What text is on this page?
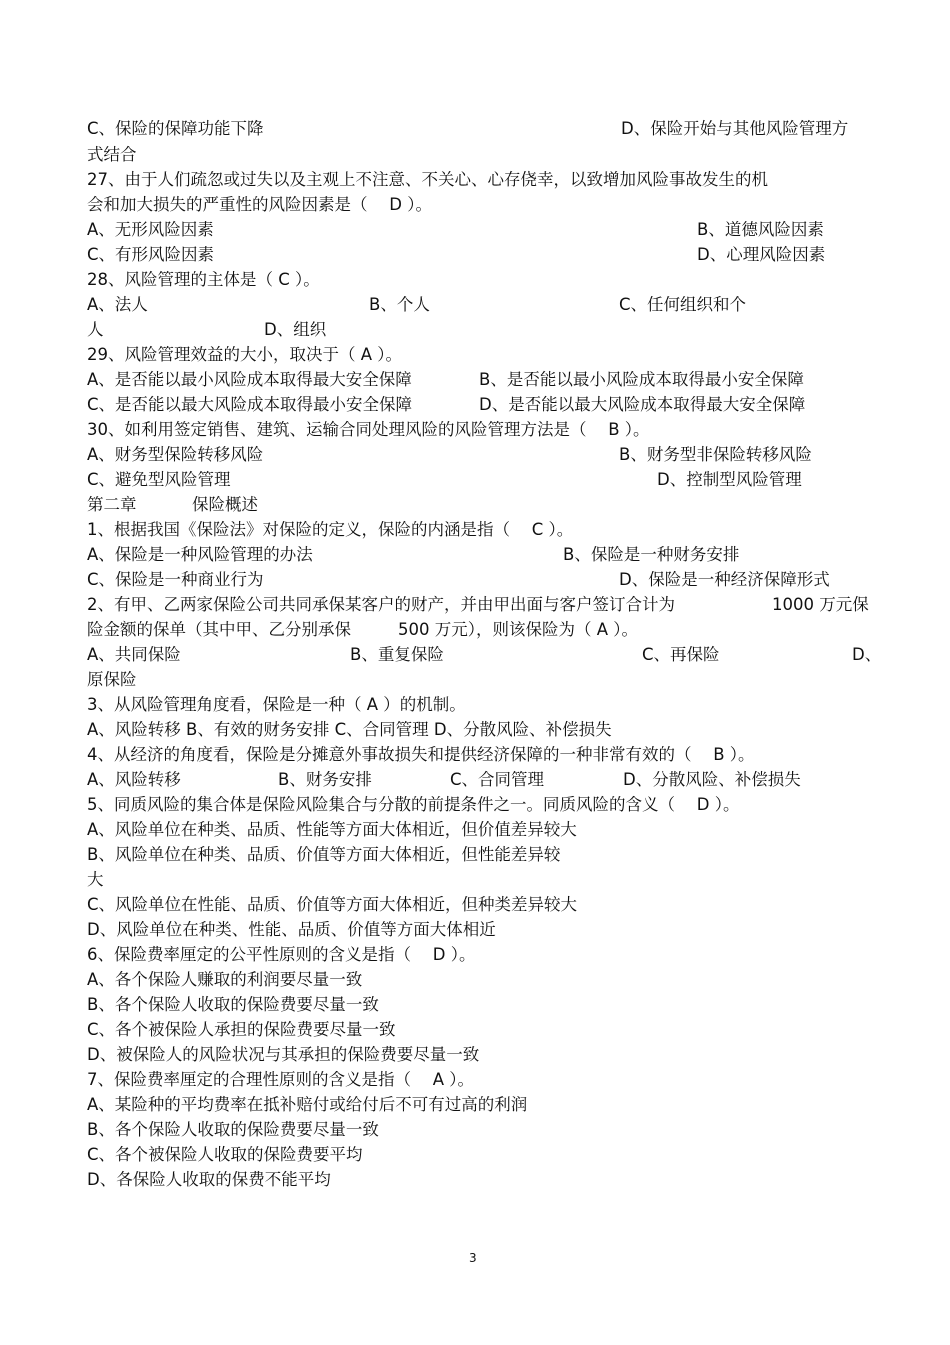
C、保险的保障功能下降	D、保险开始与其他风险管理方
式结合
27、由于人们疏忽或过失以及主观上不注意、不关心、心存侥幸，以致增加风险事故发生的机
会和加大损失的严重性的风险因素是（　 D ）。
A、无形风险因素	B、道德风险因素
C、有形风险因素	D、心理风险因素
28、风险管理的主体是（ C ）。
A、法人	B、个人	C、任何组织和个
人	D、组织
29、风险管理效益的大小，取决于（ A ）。
A、是否能以最小风险成本取得最大安全保障	B、是否能以最小风险成本取得最小安全保障
C、是否能以最大风险成本取得最小安全保障	D、是否能以最大风险成本取得最大安全保障
30、如利用签定销售、建筑、运输合同处理风险的风险管理方法是（　 B ）。
A、财务型保险转移风险	B、财务型非保险转移风险
C、避免型风险管理	D、控制型风险管理
第二章	保险概述
1、根据我国《保险法》对保险的定义，保险的内涵是指（　 C ）。
A、保险是一种风险管理的办法	B、保险是一种财务安排
C、保险是一种商业行为	D、保险是一种经济保障形式
2、有甲、乙两家保险公司共同承保某客户的财产，并由甲出面与客户签订合计为	1000 万元保
险金额的保单（其中甲、乙分别承保	500 万元），则该保险为（ A ）。
A、共同保险	B、重复保险	C、再保险	D、
原保险
3、从风险管理角度看，保险是一种（ A ）的机制。
A、风险转移 B、有效的财务安排 C、合同管理 D、分散风险、补偿损失
4、从经济的角度看，保险是分摊意外事故损失和提供经济保障的一种非常有效的（　 B ）。
A、风险转移	B、财务安排	C、合同管理	D、分散风险、补偿损失
5、同质风险的集合体是保险风险集合与分散的前提条件之一。同质风险的含义（　 D ）。
A、风险单位在种类、品质、性能等方面大体相近，但价值差异较大
B、风险单位在种类、品质、价值等方面大体相近，但性能差异较
大
C、风险单位在性能、品质、价值等方面大体相近，但种类差异较大
D、风险单位在种类、性能、品质、价值等方面大体相近
6、保险费率厘定的公平性原则的含义是指（　 D ）。
A、各个保险人赚取的利润要尽量一致
B、各个保险人收取的保险费要尽量一致
C、各个被保险人承担的保险费要尽量一致
D、被保险人的风险状况与其承担的保险费要尽量一致
7、保险费率厘定的合理性原则的含义是指（　 A ）。
A、某险种的平均费率在抵补赔付或给付后不可有过高的利润
B、各个保险人收取的保险费要尽量一致
C、各个被保险人收取的保险费要平均
D、各保险人收取的保费不能平均
3
